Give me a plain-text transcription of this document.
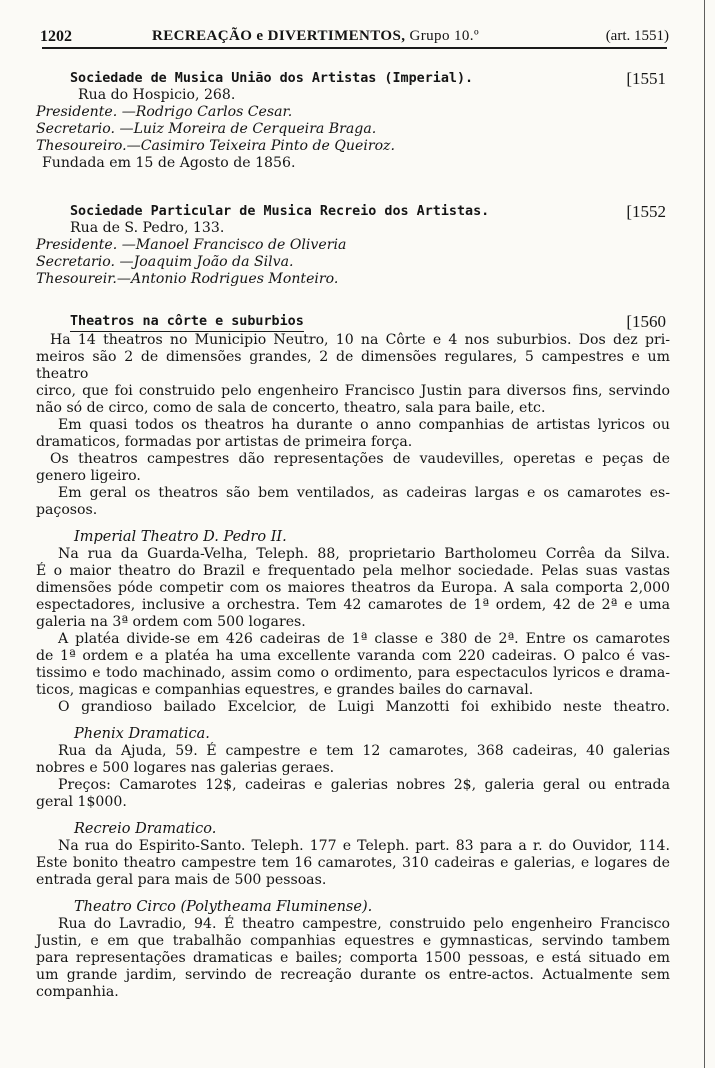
1202	RECREAÇÃO e DIVERTIMENTOS, Grupo 10.º	(art. 1551)
Sociedade de Musica União dos Artistas (Imperial).	[1551
Rua do Hospicio, 268.
Presidente. —Rodrigo Carlos Cesar.
Secretario. —Luiz Moreira de Cerqueira Braga.
Thesoureiro.—Casimiro Teixeira Pinto de Queiroz.
Fundada em 15 de Agosto de 1856.
Sociedade Particular de Musica Recreio dos Artistas.	[1552
Rua de S. Pedro, 133.
Presidente. —Manoel Francisco de Oliveria
Secretario. —Joaquim João da Silva.
Thesoureir.—Antonio Rodrigues Monteiro.
Theatros na côrte e suburbios	[1560
Ha 14 theatros no Municipio Neutro, 10 na Côrte e 4 nos suburbios. Dos dez pri-
meiros são 2 de dimensões grandes, 2 de dimensões regulares, 5 campestres e um theatro
circo, que foi construido pelo engenheiro Francisco Justin para diversos fins, servindo
não só de circo, como de sala de concerto, theatro, sala para baile, etc.
Em quasi todos os theatros ha durante o anno companhias de artistas lyricos ou
dramaticos, formadas por artistas de primeira força.
Os theatros campestres dão representações de vaudevilles, operetas e peças de
genero ligeiro.
Em geral os theatros são bem ventilados, as cadeiras largas e os camarotes es-
paçosos.
Imperial Theatro D. Pedro II.
Na rua da Guarda-Velha, Teleph. 88, proprietario Bartholomeu Corrêa da Silva.
É o maior theatro do Brazil e frequentado pela melhor sociedade. Pelas suas vastas
dimensões póde competir com os maiores theatros da Europa. A sala comporta 2,000
espectadores, inclusive a orchestra. Tem 42 camarotes de 1ª ordem, 42 de 2ª e uma
galeria na 3ª ordem com 500 logares.
A platéa divide-se em 426 cadeiras de 1ª classe e 380 de 2ª. Entre os camarotes
de 1ª ordem e a platéa ha uma excellente varanda com 220 cadeiras. O palco é vas-
tissimo e todo machinado, assim como o ordimento, para espectaculos lyricos e drama-
ticos, magicas e companhias equestres, e grandes bailes do carnaval.
O grandioso bailado Excelcior, de Luigi Manzotti foi exhibido neste theatro.
Phenix Dramatica.
Rua da Ajuda, 59. É campestre e tem 12 camarotes, 368 cadeiras, 40 galerias
nobres e 500 logares nas galerias geraes.
Preços: Camarotes 12$, cadeiras e galerias nobres 2$, galeria geral ou entrada
geral 1$000.
Recreio Dramatico.
Na rua do Espirito-Santo. Teleph. 177 e Teleph. part. 83 para a r. do Ouvidor, 114.
Este bonito theatro campestre tem 16 camarotes, 310 cadeiras e galerias, e logares de
entrada geral para mais de 500 pessoas.
Theatro Circo (Polytheama Fluminense).
Rua do Lavradio, 94. É theatro campestre, construido pelo engenheiro Francisco
Justin, e em que trabalhão companhias equestres e gymnasticas, servindo tambem
para representações dramaticas e bailes; comporta 1500 pessoas, e está situado em
um grande jardim, servindo de recreação durante os entre-actos. Actualmente sem
companhia.
